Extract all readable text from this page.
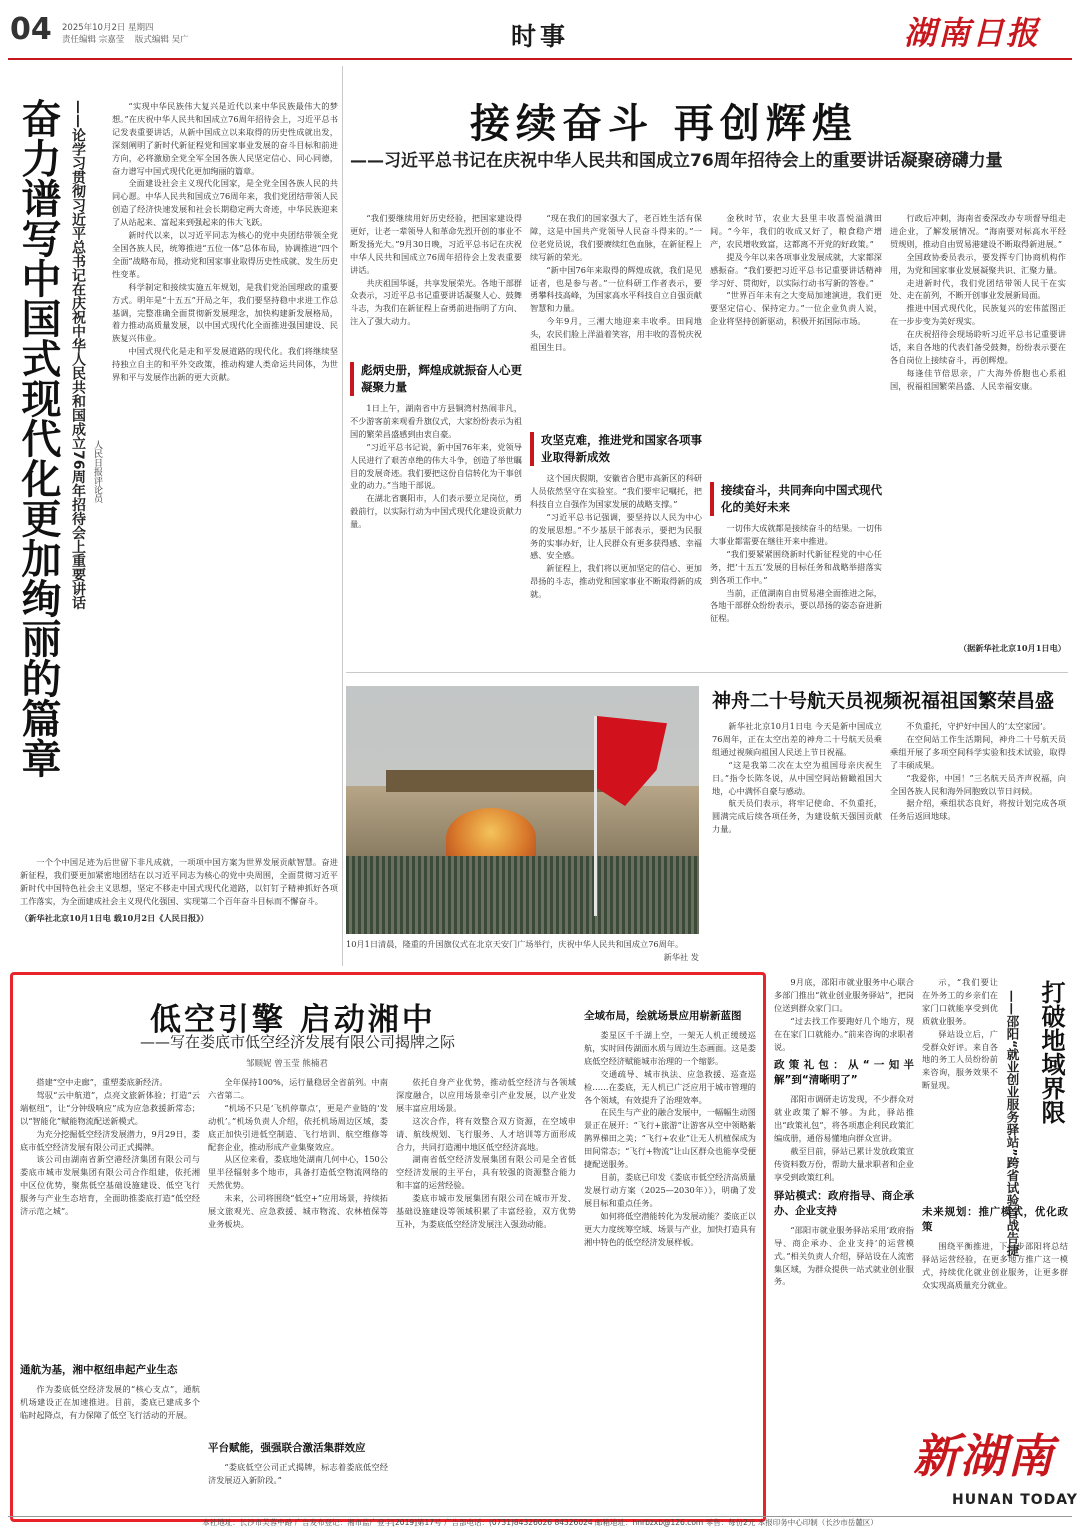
04 2025年10月2日 星期四
责任编辑 宗嘉莹 版式编辑 吴广	时事	湖南日报
奋力谱写中国式现代化更加绚丽的篇章 ——论学习贯彻习近平总书记在庆祝中华人民共和国成立76周年招待会上重要讲话 人民日报评论员

“实现中华民族伟大复兴是近代以来中华民族最伟大的梦想。”在庆祝中华人民共和国成立76周年招待会上，习近平总书记发表重要讲话，从新中国成立以来取得的历史性成就出发，深刻阐明了新时代新征程党和国家事业发展的奋斗目标和前进方向，必将激励全党全军全国各族人民坚定信心、同心同德，奋力谱写中国式现代化更加绚丽的篇章。

全面建设社会主义现代化国家，是全党全国各族人民的共同心愿。中华人民共和国成立76周年来，我们党团结带领人民创造了经济快速发展和社会长期稳定两大奇迹，中华民族迎来了从站起来、富起来到强起来的伟大飞跃。

新时代以来，以习近平同志为核心的党中央团结带领全党全国各族人民，统筹推进“五位一体”总体布局，协调推进“四个全面”战略布局，推动党和国家事业取得历史性成就、发生历史性变革。

科学制定和接续实施五年规划，是我们党治国理政的重要方式。明年是“十五五”开局之年，我们要坚持稳中求进工作总基调，完整准确全面贯彻新发展理念，加快构建新发展格局，着力推动高质量发展，以中国式现代化全面推进强国建设、民族复兴伟业。

中国式现代化是走和平发展道路的现代化。我们将继续坚持独立自主的和平外交政策，推动构建人类命运共同体，为世界和平与发展作出新的更大贡献。

一个个中国足迹为后世留下非凡成就，一项项中国方案为世界发展贡献智慧。奋进新征程，我们要更加紧密地团结在以习近平同志为核心的党中央周围，全面贯彻习近平新时代中国特色社会主义思想，坚定不移走中国式现代化道路，以钉钉子精神抓好各项工作落实，为全面建成社会主义现代化强国、实现第二个百年奋斗目标而不懈奋斗。

（新华社北京10月1日电 载10月2日《人民日报》）

接续奋斗 再创辉煌
——习近平总书记在庆祝中华人民共和国成立76周年招待会上的重要讲话凝聚磅礴力量

“我们要继续用好历史经验，把国家建设得更好，让老一辈领导人和革命先烈开创的事业不断发扬光大。”9月30日晚，习近平总书记在庆祝中华人民共和国成立76周年招待会上发表重要讲话。

共庆祖国华诞，共享发展荣光。各地干部群众表示，习近平总书记重要讲话凝聚人心、鼓舞斗志，为我们在新征程上奋勇前进指明了方向、注入了强大动力。

彪炳史册，辉煌成就振奋人心更凝聚力量

1日上午，湖南省中方县铜湾村热闹非凡，不少游客前来观看升旗仪式，大家纷纷表示为祖国的繁荣昌盛感到由衷自豪。

“习近平总书记说，新中国76年来，党领导人民进行了艰苦卓绝的伟大斗争，创造了举世瞩目的发展奇迹。我们要把这份自信转化为干事创业的动力。”当地干部说。

在湖北省襄阳市，人们表示要立足岗位，勇毅前行，以实际行动为中国式现代化建设贡献力量。

“现在我们的国家强大了，老百姓生活有保障，这是中国共产党领导人民奋斗得来的。”一位老党员说，我们要赓续红色血脉，在新征程上续写新的荣光。

“新中国76年来取得的辉煌成就，我们是见证者，也是参与者。”一位科研工作者表示，要勇攀科技高峰，为国家高水平科技自立自强贡献智慧和力量。

今年9月，三湘大地迎来丰收季。田间地头，农民们脸上洋溢着笑容，用丰收的喜悦庆祝祖国生日。

攻坚克难，推进党和国家各项事业取得新成效

这个国庆假期，安徽省合肥市高新区的科研人员依然坚守在实验室。“我们要牢记嘱托，把科技自立自强作为国家发展的战略支撑。”

“习近平总书记强调，要坚持以人民为中心的发展思想。”不少基层干部表示，要把为民服务的实事办好，让人民群众有更多获得感、幸福感、安全感。

新征程上，我们将以更加坚定的信心、更加昂扬的斗志，推动党和国家事业不断取得新的成就。

金秋时节，农业大县里丰收喜悦溢满田间。“今年，我们的收成又好了，粮食稳产增产，农民增收致富，这都离不开党的好政策。”

提及今年以来各项事业发展成就，大家都深感振奋。“我们要把习近平总书记重要讲话精神学习好、贯彻好，以实际行动书写新的答卷。”

“世界百年未有之大变局加速演进，我们更要坚定信心、保持定力。”一位企业负责人说，企业将坚持创新驱动，积极开拓国际市场。

接续奋斗，共同奔向中国式现代化的美好未来

一切伟大成就都是接续奋斗的结果。一切伟大事业都需要在继往开来中推进。

“我们要紧紧围绕新时代新征程党的中心任务，把‘十五五’发展的目标任务和战略举措落实到各项工作中。”

当前，正值湖南自由贸易港全面推进之际，各地干部群众纷纷表示，要以昂扬的姿态奋进新征程。

行政后冲刺，海南省委深改办专项督导组走进企业，了解发展情况。“海南要对标高水平经贸规则，推动自由贸易港建设不断取得新进展。”

全国政协委员表示，要发挥专门协商机构作用，为党和国家事业发展凝聚共识、汇聚力量。

走进新时代，我们党团结带领人民干在实处、走在前列，不断开创事业发展新局面。

推进中国式现代化，民族复兴的宏伟蓝图正在一步步变为美好现实。

在庆祝招待会现场聆听习近平总书记重要讲话，来自各地的代表们备受鼓舞，纷纷表示要在各自岗位上接续奋斗，再创辉煌。

每逢佳节倍思亲，广大海外侨胞也心系祖国，祝福祖国繁荣昌盛、人民幸福安康。

（据新华社北京10月1日电）

10月1日清晨，隆重的升国旗仪式在北京天安门广场举行，庆祝中华人民共和国成立76周年。
新华社 发
神舟二十号航天员视频祝福祖国繁荣昌盛

新华社北京10月1日电 今天是新中国成立76周年，正在太空出差的神舟二十号航天员乘组通过视频向祖国人民送上节日祝福。

“这是我第二次在太空为祖国母亲庆祝生日。”指令长陈冬说，从中国空间站俯瞰祖国大地，心中满怀自豪与感动。

航天员们表示，将牢记使命、不负重托，圆满完成后续各项任务，为建设航天强国贡献力量。

不负重托，守护好中国人的‘太空家园’。

在空间站工作生活期间，神舟二十号航天员乘组开展了多项空间科学实验和技术试验，取得了丰硕成果。

“我爱你，中国！”三名航天员齐声祝福，向全国各族人民和海外同胞致以节日问候。

据介绍，乘组状态良好，将按计划完成各项任务后返回地球。

低空引擎 启动湘中
——写在娄底市低空经济发展有限公司揭牌之际
邹顺妮 曾玉莹 熊楠君

搭建“空中走廊”，重塑娄底新经济。

驾驭“云中航道”，点亮文旅新体验；打造“云端枢纽”，让“分钟级响应”成为应急救援新常态；以“智能化”赋能物流配送新模式。

为充分挖掘低空经济发展潜力，9月29日，娄底市低空经济发展有限公司正式揭牌。

该公司由湖南省新空港经济集团有限公司与娄底市城市发展集团有限公司合作组建，依托湘中区位优势，聚焦低空基础设施建设、低空飞行服务与产业生态培育，全面助推娄底打造“低空经济示范之城”。

通航为基，湘中枢纽串起产业生态

作为娄底低空经济发展的“核心支点”，通航机场建设正在加速推进。目前，娄底已建成多个临时起降点，有力保障了低空飞行活动的开展。

全年保持100%，运行量稳居全省前列。中南六省第二。

“机场不只是‘飞机停靠点’，更是产业链的‘发动机’。”机场负责人介绍，依托机场周边区域，娄底正加快引进低空制造、飞行培训、航空维修等配套企业，推动形成产业集聚效应。

从区位来看，娄底地处湖南几何中心，150公里半径辐射多个地市，具备打造低空物流网络的天然优势。

未来，公司将围绕“低空+”应用场景，持续拓展文旅观光、应急救援、城市物流、农林植保等业务板块。

平台赋能，强强联合激活集群效应

“娄底低空公司正式揭牌，标志着娄底低空经济发展迈入新阶段。”

依托自身产业优势，推动低空经济与各领域深度融合，以应用场景牵引产业发展，以产业发展丰富应用场景。

这次合作，将有效整合双方资源，在空域申请、航线规划、飞行服务、人才培训等方面形成合力，共同打造湘中地区低空经济高地。

湖南省低空经济发展集团有限公司是全省低空经济发展的主平台，具有较强的资源整合能力和丰富的运营经验。

娄底市城市发展集团有限公司在城市开发、基础设施建设等领域积累了丰富经验，双方优势互补，为娄底低空经济发展注入强劲动能。

全域布局，绘就场景应用崭新蓝图

娄星区千千湖上空，一架无人机正缓缓巡航，实时回传湖面水质与周边生态画面。这是娄底低空经济赋能城市治理的一个缩影。

交通疏导、城市执法、应急救援、巡查巡检……在娄底，无人机已广泛应用于城市管理的各个领域，有效提升了治理效率。

在民生与产业的融合发展中，一幅幅生动图景正在展开：“飞行+旅游”让游客从空中领略紫鹊界梯田之美；“飞行+农业”让无人机植保成为田间常态；“飞行+物流”让山区群众也能享受便捷配送服务。

目前，娄底已印发《娄底市低空经济高质量发展行动方案（2025—2030年）》，明确了发展目标和重点任务。

如何将低空潜能转化为发展动能？娄底正以更大力度统筹空域、场景与产业，加快打造具有湘中特色的低空经济发展样板。

9月底，邵阳市就业服务中心联合多部门推出“就业创业服务驿站”，把岗位送到群众家门口。

“过去找工作要跑好几个地方，现在在家门口就能办。”前来咨询的求职者说。

政策礼包：从“一知半解”到“清晰明了”

邵阳市调研走访发现，不少群众对就业政策了解不够。为此，驿站推出“政策礼包”，将各项惠企利民政策汇编成册，通俗易懂地向群众宣讲。

截至目前，驿站已累计发放政策宣传资料数万份，帮助大量求职者和企业享受到政策红利。

驿站模式：政府指导、商企承办、企业支持

“邵阳市就业服务驿站采用‘政府指导、商企承办、企业支持’的运营模式。”相关负责人介绍，驿站设在人流密集区域，为群众提供一站式就业创业服务。

打破地域界限
——邵阳“就业创业服务驿站”跨省试验首战告捷

示，“我们要让在外务工的乡亲们在家门口就能享受到优质就业服务。

驿站设立后，广受群众好评。来自各地的务工人员纷纷前来咨询，服务效果不断显现。

未来规划：推广模式，优化政策

围绕平衡推进，下一步邵阳将总结驿站运营经验，在更多地方推广这一模式，持续优化就业创业服务，让更多群众实现高质量充分就业。

新湖南
HUNAN TODAY
本社地址：长沙市芙蓉中路 广告发布登记：湘市监广登字[2019]第17号 广告部电话：(0731)84326026 84326024 邮箱地址：hnrbzxb@126.com 零售：每份2元 本报印务中心印制（长沙市岳麓区）
